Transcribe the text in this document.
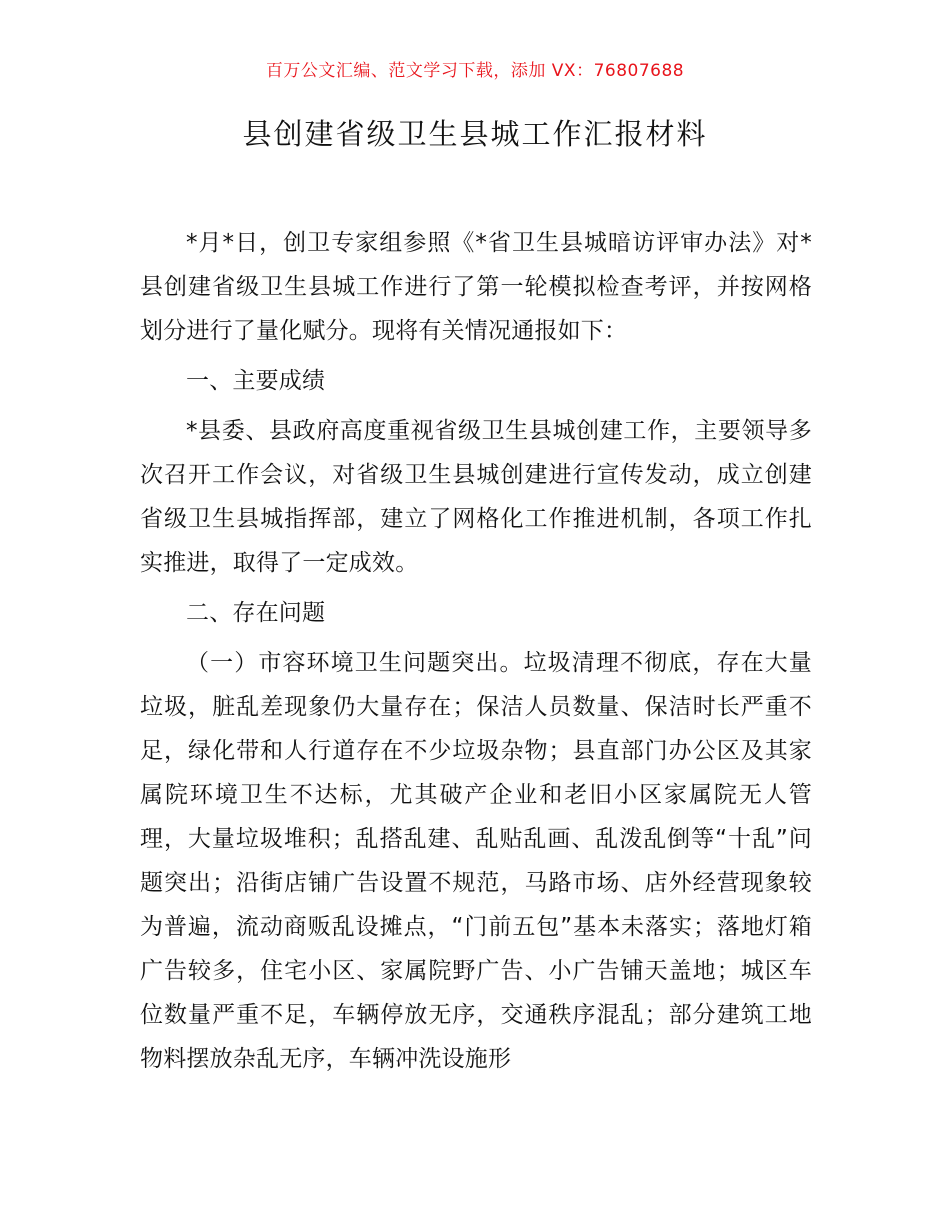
百万公文汇编、范文学习下载，添加 VX：76807688
县创建省级卫生县城工作汇报材料

*月*日，创卫专家组参照《*省卫生县城暗访评审办法》对*县创建省级卫生县城工作进行了第一轮模拟检查考评，并按网格划分进行了量化赋分。现将有关情况通报如下：

一、主要成绩

*县委、县政府高度重视省级卫生县城创建工作，主要领导多次召开工作会议，对省级卫生县城创建进行宣传发动，成立创建省级卫生县城指挥部，建立了网格化工作推进机制，各项工作扎实推进，取得了一定成效。

二、存在问题

（一）市容环境卫生问题突出。垃圾清理不彻底，存在大量垃圾，脏乱差现象仍大量存在；保洁人员数量、保洁时长严重不足，绿化带和人行道存在不少垃圾杂物；县直部门办公区及其家属院环境卫生不达标，尤其破产企业和老旧小区家属院无人管理，大量垃圾堆积；乱搭乱建、乱贴乱画、乱泼乱倒等“十乱”问题突出；沿街店铺广告设置不规范，马路市场、店外经营现象较为普遍，流动商贩乱设摊点，“门前五包”基本未落实；落地灯箱广告较多，住宅小区、家属院野广告、小广告铺天盖地；城区车位数量严重不足，车辆停放无序，交通秩序混乱；部分建筑工地物料摆放杂乱无序，车辆冲洗设施形
